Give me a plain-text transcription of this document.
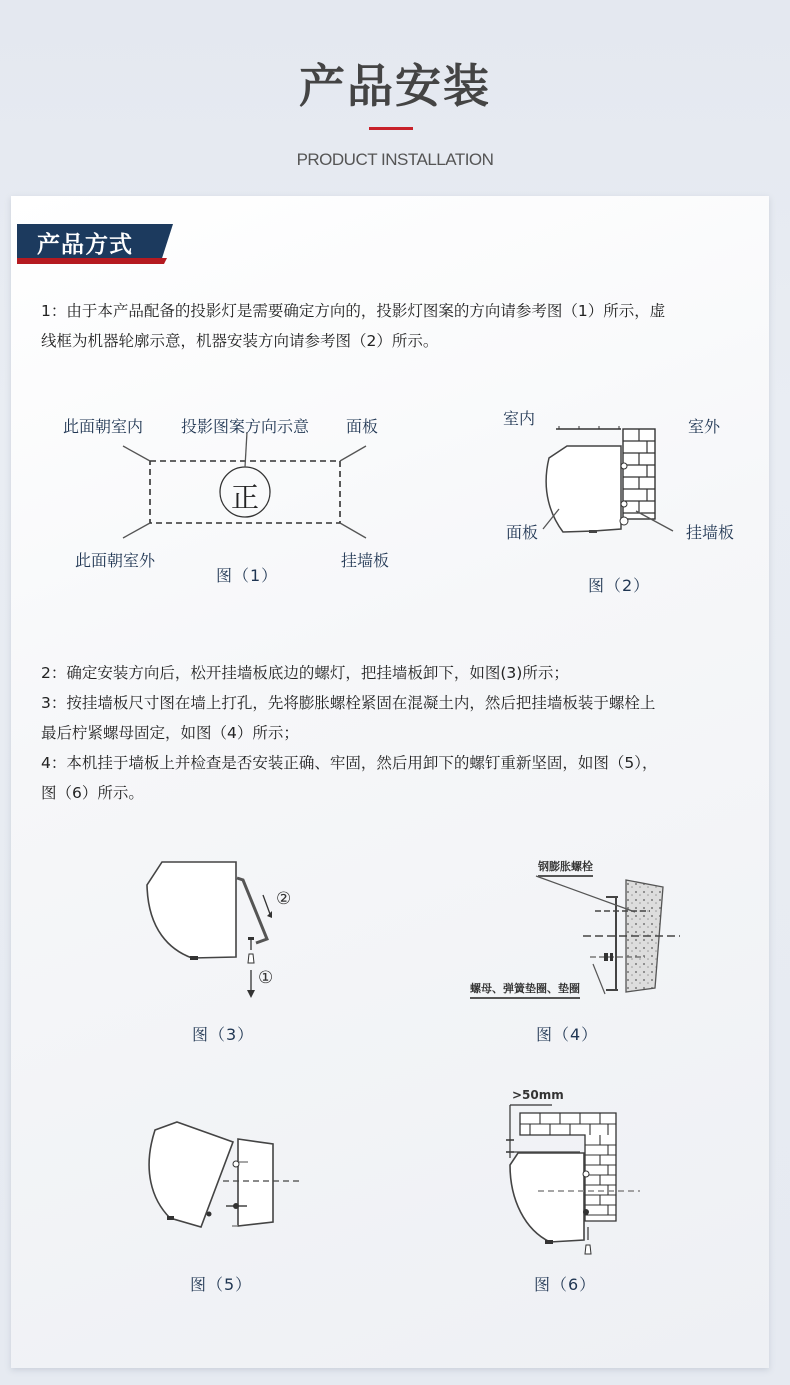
产品安装
PRODUCT INSTALLATION
产品方式
1：由于本产品配备的投影灯是需要确定方向的，投影灯图案的方向请参考图（1）所示，虚
线框为机器轮廓示意，机器安装方向请参考图（2）所示。
正
此面朝室内 投影图案方向示意 面板
此面朝室外	挂墙板
图（1）
室内	室外
面板	挂墙板
图（2）
2：确定安装方向后，松开挂墙板底边的螺灯，把挂墙板卸下，如图(3)所示；
3：按挂墙板尺寸图在墙上打孔，先将膨胀螺栓紧固在混凝土内，然后把挂墙板装于螺栓上
最后柠紧螺母固定，如图（4）所示；
4：本机挂于墙板上并检查是否安装正确、牢固，然后用卸下的螺钉重新坚固，如图（5），
图（6）所示。
②
①
图（3）
钢膨胀螺栓
螺母、弹簧垫圈、垫圈
图（4）
图（5）
>50mm
图（6）
